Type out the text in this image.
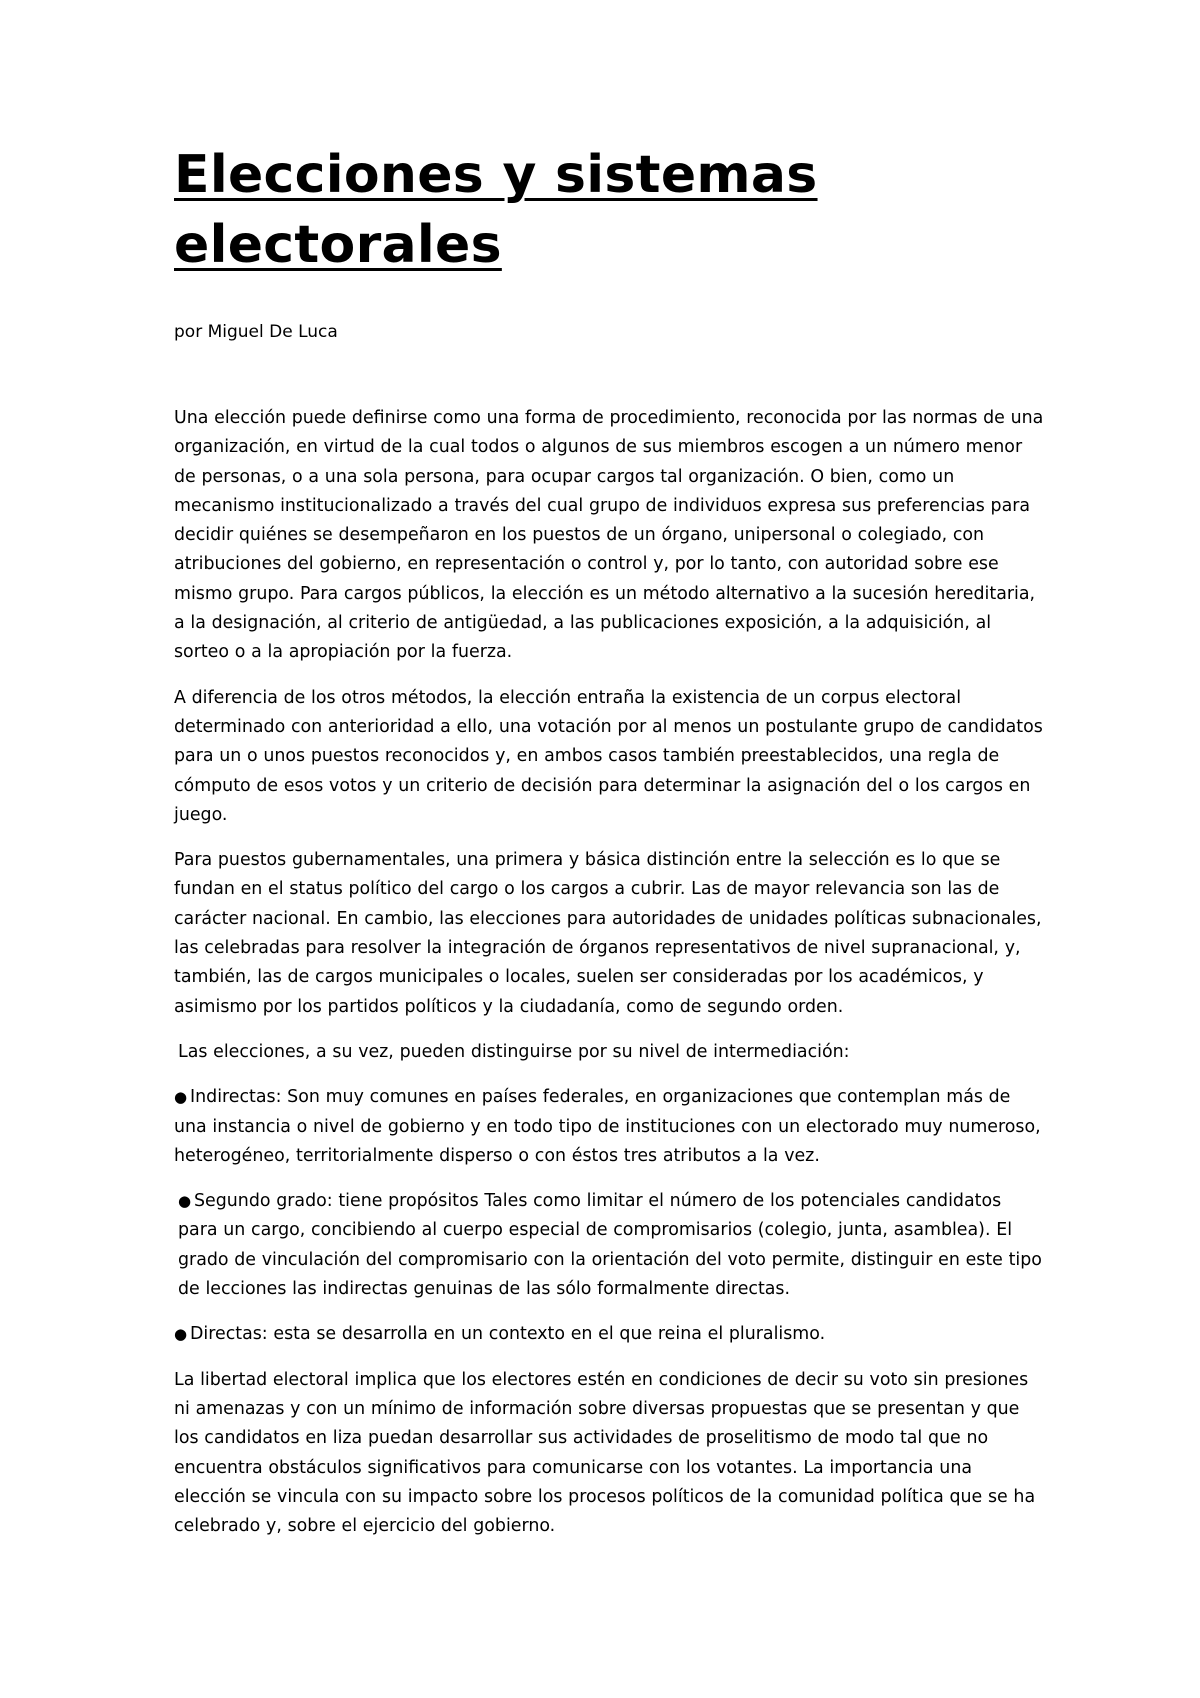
Elecciones y sistemas electorales
por Miguel De Luca

Una elección puede definirse como una forma de procedimiento, reconocida por las normas de una organización, en virtud de la cual todos o algunos de sus miembros escogen a un número menor de personas, o a una sola persona, para ocupar cargos tal organización. O bien, como un mecanismo institucionalizado a través del cual grupo de individuos expresa sus preferencias para decidir quiénes se desempeñaron en los puestos de un órgano, unipersonal o colegiado, con atribuciones del gobierno, en representación o control y, por lo tanto, con autoridad sobre ese mismo grupo. Para cargos públicos, la elección es un método alternativo a la sucesión hereditaria, a la designación, al criterio de antigüedad, a las publicaciones exposición, a la adquisición, al sorteo o a la apropiación por la fuerza.

A diferencia de los otros métodos, la elección entraña la existencia de un corpus electoral determinado con anterioridad a ello, una votación por al menos un postulante grupo de candidatos para un o unos puestos reconocidos y, en ambos casos también preestablecidos, una regla de cómputo de esos votos y un criterio de decisión para determinar la asignación del o los cargos en juego.

Para puestos gubernamentales, una primera y básica distinción entre la selección es lo que se fundan en el status político del cargo o los cargos a cubrir. Las de mayor relevancia son las de carácter nacional. En cambio, las elecciones para autoridades de unidades políticas subnacionales, las celebradas para resolver la integración de órganos representativos de nivel supranacional, y, también, las de cargos municipales o locales, suelen ser consideradas por los académicos, y asimismo por los partidos políticos y la ciudadanía, como de segundo orden.

Las elecciones, a su vez, pueden distinguirse por su nivel de intermediación:

● Indirectas: Son muy comunes en países federales, en organizaciones que contemplan más de una instancia o nivel de gobierno y en todo tipo de instituciones con un electorado muy numeroso, heterogéneo, territorialmente disperso o con éstos tres atributos a la vez.

● Segundo grado: tiene propósitos Tales como limitar el número de los potenciales candidatos para un cargo, concibiendo al cuerpo especial de compromisarios (colegio, junta, asamblea). El grado de vinculación del compromisario con la orientación del voto permite, distinguir en este tipo de lecciones las indirectas genuinas de las sólo formalmente directas.

● Directas: esta se desarrolla en un contexto en el que reina el pluralismo.

La libertad electoral implica que los electores estén en condiciones de decir su voto sin presiones ni amenazas y con un mínimo de información sobre diversas propuestas que se presentan y que los candidatos en liza puedan desarrollar sus actividades de proselitismo de modo tal que no encuentra obstáculos significativos para comunicarse con los votantes. La importancia una elección se vincula con su impacto sobre los procesos políticos de la comunidad política que se ha celebrado y, sobre el ejercicio del gobierno.
